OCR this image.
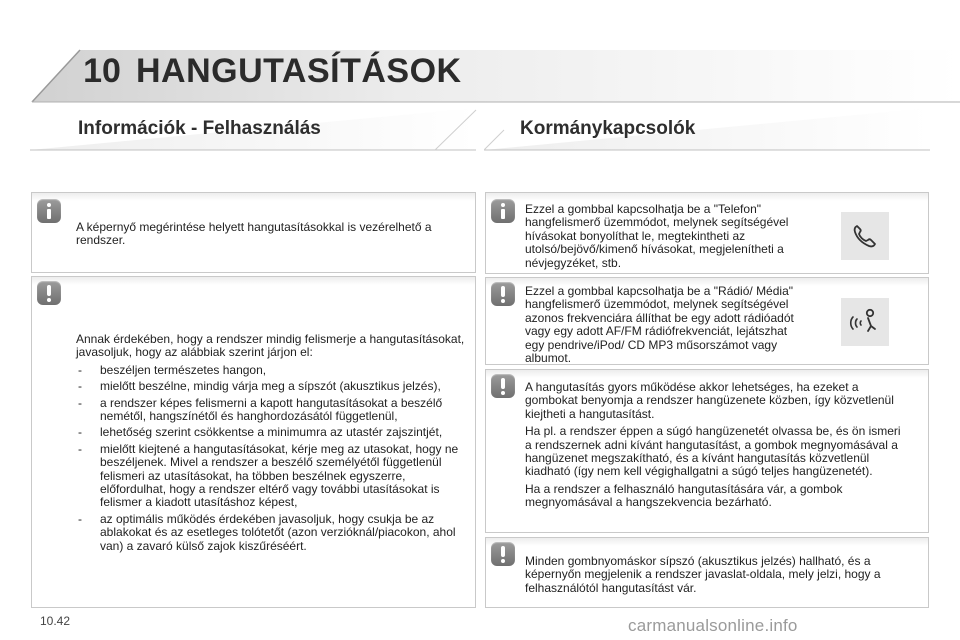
10 HANGUTASÍTÁSOK
Információk - Felhasználás	Kormánykapcsolók
A képernyő megérintése helyett hangutasításokkal is vezérelhető a rendszer.

Annak érdekében, hogy a rendszer mindig felismerje a hangutasításokat, javasoljuk, hogy az alábbiak szerint járjon el:

- beszéljen természetes hangon,
- mielőtt beszélne, mindig várja meg a sípszót (akusztikus jelzés),
- a rendszer képes felismerni a kapott hangutasításokat a beszélő nemétől, hangszínétől és hanghordozásától függetlenül,
- lehetőség szerint csökkentse a minimumra az utastér zajszintjét,
- mielőtt kiejtené a hangutasításokat, kérje meg az utasokat, hogy ne beszéljenek. Mivel a rendszer a beszélő személyétől függetlenül felismeri az utasításokat, ha többen beszélnek egyszerre, előfordulhat, hogy a rendszer eltérő vagy további utasításokat is felismer a kiadott utasításhoz képest,
- az optimális működés érdekében javasoljuk, hogy csukja be az ablakokat és az esetleges tolótetőt (azon verzióknál/piacokon, ahol van) a zavaró külső zajok kiszűréséért.
Ezzel a gombbal kapcsolhatja be a "Telefon" hangfelismerő üzemmódot, melynek segítségével hívásokat bonyolíthat le, megtekintheti az utolsó/bejövő/kimenő hívásokat, megjelenítheti a névjegyzéket, stb.
Ezzel a gombbal kapcsolhatja be a "Rádió/ Média" hangfelismerő üzemmódot, melynek segítségével azonos frekvenciára állíthat be egy adott rádióadót vagy egy adott AF/FM rádiófrekvenciát, lejátszhat egy pendrive/iPod/ CD MP3 műsorszámot vagy albumot.

A hangutasítás gyors működése akkor lehetséges, ha ezeket a gombokat benyomja a rendszer hangüzenete közben, így közvetlenül kiejtheti a hangutasítást.

Ha pl. a rendszer éppen a súgó hangüzenetét olvassa be, és ön ismeri a rendszernek adni kívánt hangutasítást, a gombok megnyomásával a hangüzenet megszakítható, és a kívánt hangutasítás közvetlenül kiadható (így nem kell végighallgatni a súgó teljes hangüzenetét).

Ha a rendszer a felhasználó hangutasítására vár, a gombok megnyomásával a hangszekvencia bezárható.

Minden gombnyomáskor sípszó (akusztikus jelzés) hallható, és a képernyőn megjelenik a rendszer javaslat-oldala, mely jelzi, hogy a felhasználótól hangutasítást vár.
10.42	carmanualsonline.info
